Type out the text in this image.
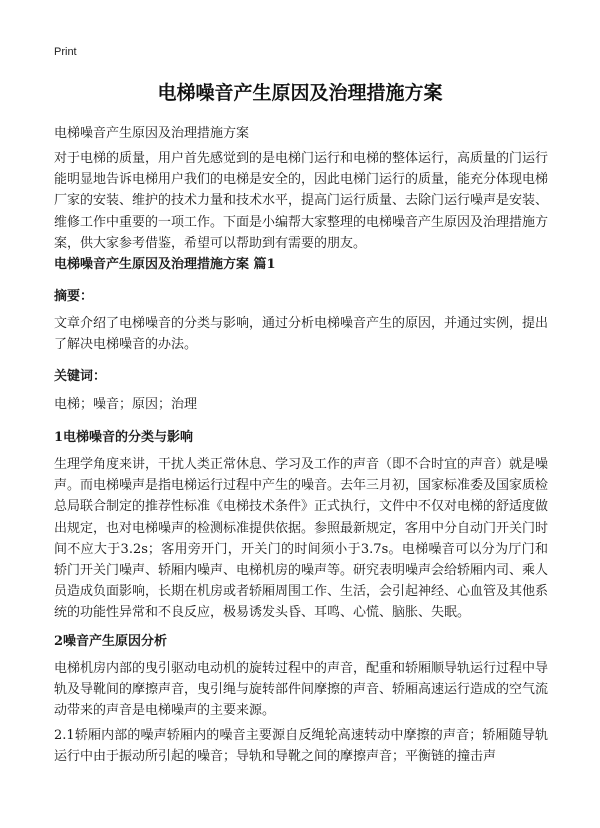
Print
电梯噪音产生原因及治理措施方案
电梯噪音产生原因及治理措施方案
对于电梯的质量，用户首先感觉到的是电梯门运行和电梯的整体运行，高质量的门运行能明显地告诉电梯用户我们的电梯是安全的，因此电梯门运行的质量，能充分体现电梯厂家的安装、维护的技术力量和技术水平，提高门运行质量、去除门运行噪声是安装、维修工作中重要的一项工作。下面是小编帮大家整理的电梯噪音产生原因及治理措施方案，供大家参考借鉴，希望可以帮助到有需要的朋友。
电梯噪音产生原因及治理措施方案 篇1
摘要：
文章介绍了电梯噪音的分类与影响，通过分析电梯噪音产生的原因，并通过实例，提出了解决电梯噪音的办法。
关键词：
电梯；噪音；原因；治理
1电梯噪音的分类与影响
生理学角度来讲，干扰人类正常休息、学习及工作的声音（即不合时宜的声音）就是噪声。而电梯噪声是指电梯运行过程中产生的噪音。去年三月初，国家标准委及国家质检总局联合制定的推荐性标准《电梯技术条件》正式执行，文件中不仅对电梯的舒适度做出规定，也对电梯噪声的检测标准提供依据。参照最新规定，客用中分自动门开关门时间不应大于3.2s；客用旁开门，开关门的时间须小于3.7s。电梯噪音可以分为厅门和轿门开关门噪声、轿厢内噪声、电梯机房的噪声等。研究表明噪声会给轿厢内司、乘人员造成负面影响，长期在机房或者轿厢周围工作、生活，会引起神经、心血管及其他系统的功能性异常和不良反应，极易诱发头昏、耳鸣、心慌、脑胀、失眠。
2噪音产生原因分析
电梯机房内部的曳引驱动电动机的旋转过程中的声音，配重和轿厢顺导轨运行过程中导轨及导靴间的摩擦声音，曳引绳与旋转部件间摩擦的声音、轿厢高速运行造成的空气流动带来的声音是电梯噪声的主要来源。
2.1轿厢内部的噪声轿厢内的噪音主要源自反绳轮高速转动中摩擦的声音；轿厢随导轨运行中由于振动所引起的噪音；导轨和导靴之间的摩擦声音；平衡链的撞击声
